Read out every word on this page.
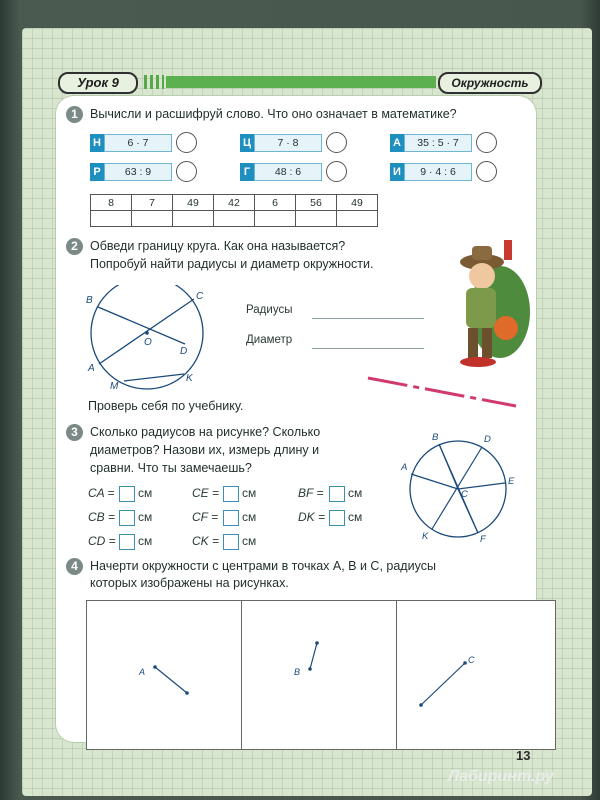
Урок 9	Окружность
1 Вычисли и расшифруй слово. Что оно означает в математике?
Н	6 · 7	Ц	7 · 8	А	35 : 5 · 7
Р	63 : 9	Г	48 : 6	И	9 · 4 : 6
8	7	49	42	6	56	49

2 Обведи границу круга. Как она называется?
Попробуй найти радиусы и диаметр окружности.
B	C
O
D
A
M
K
Радиусы
Диаметр
Проверь себя по учебнику.
3 Сколько радиусов на рисунке? Сколько
диаметров? Назови их, измерь длину и
сравни. Что ты замечаешь?
CA = см	CE = см	BF = см
CB = см	CF = см	DK = см
CD = см	CK = см
B	D
A
E
C
K	F
4 Начерти окружности с центрами в точках A, B и C, радиусы
которых изображены на рисунках.
A	B
C
13
Лабиринт.ру
